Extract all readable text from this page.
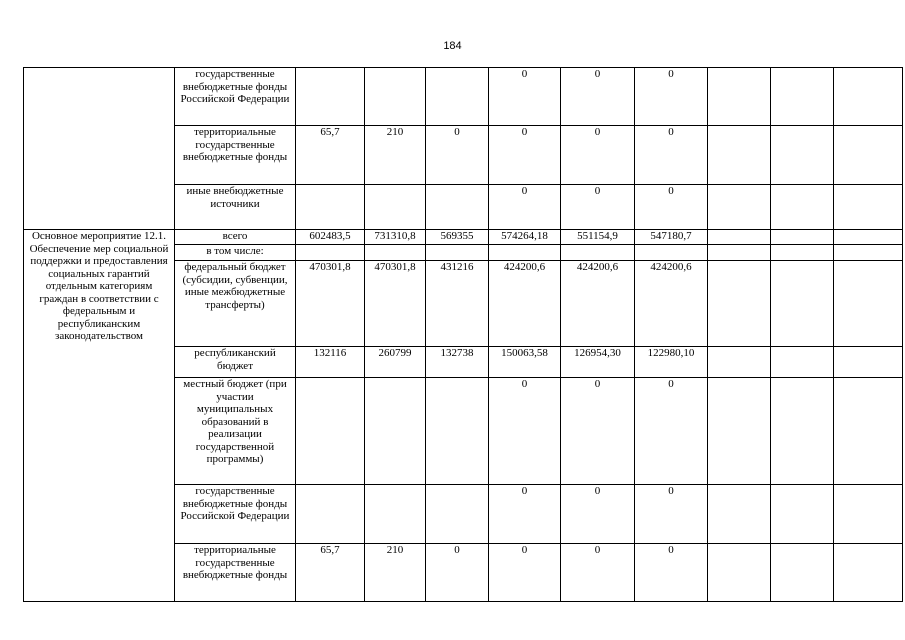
184
	государственные внебюджетные фонды Российской Федерации				0	0	0			
	территориальные государственные внебюджетные фонды	65,7	210	0	0	0	0			
	иные внебюджетные источники				0	0	0			
Основное мероприятие 12.1. Обеспечение мер социальной поддержки и предоставления социальных гарантий отдельным категориям граждан в соответствии с федеральным и республиканским законодательством	всего	602483,5	731310,8	569355	574264,18	551154,9	547180,7			
	в том числе:									
	федеральный бюджет (субсидии, субвенции, иные межбюджетные трансферты)	470301,8	470301,8	431216	424200,6	424200,6	424200,6			
	республиканский бюджет	132116	260799	132738	150063,58	126954,30	122980,10			
	местный бюджет (при участии муниципальных образований в реализации государственной программы)				0	0	0			
	государственные внебюджетные фонды Российской Федерации				0	0	0			
	территориальные государственные внебюджетные фонды	65,7	210	0	0	0	0			
